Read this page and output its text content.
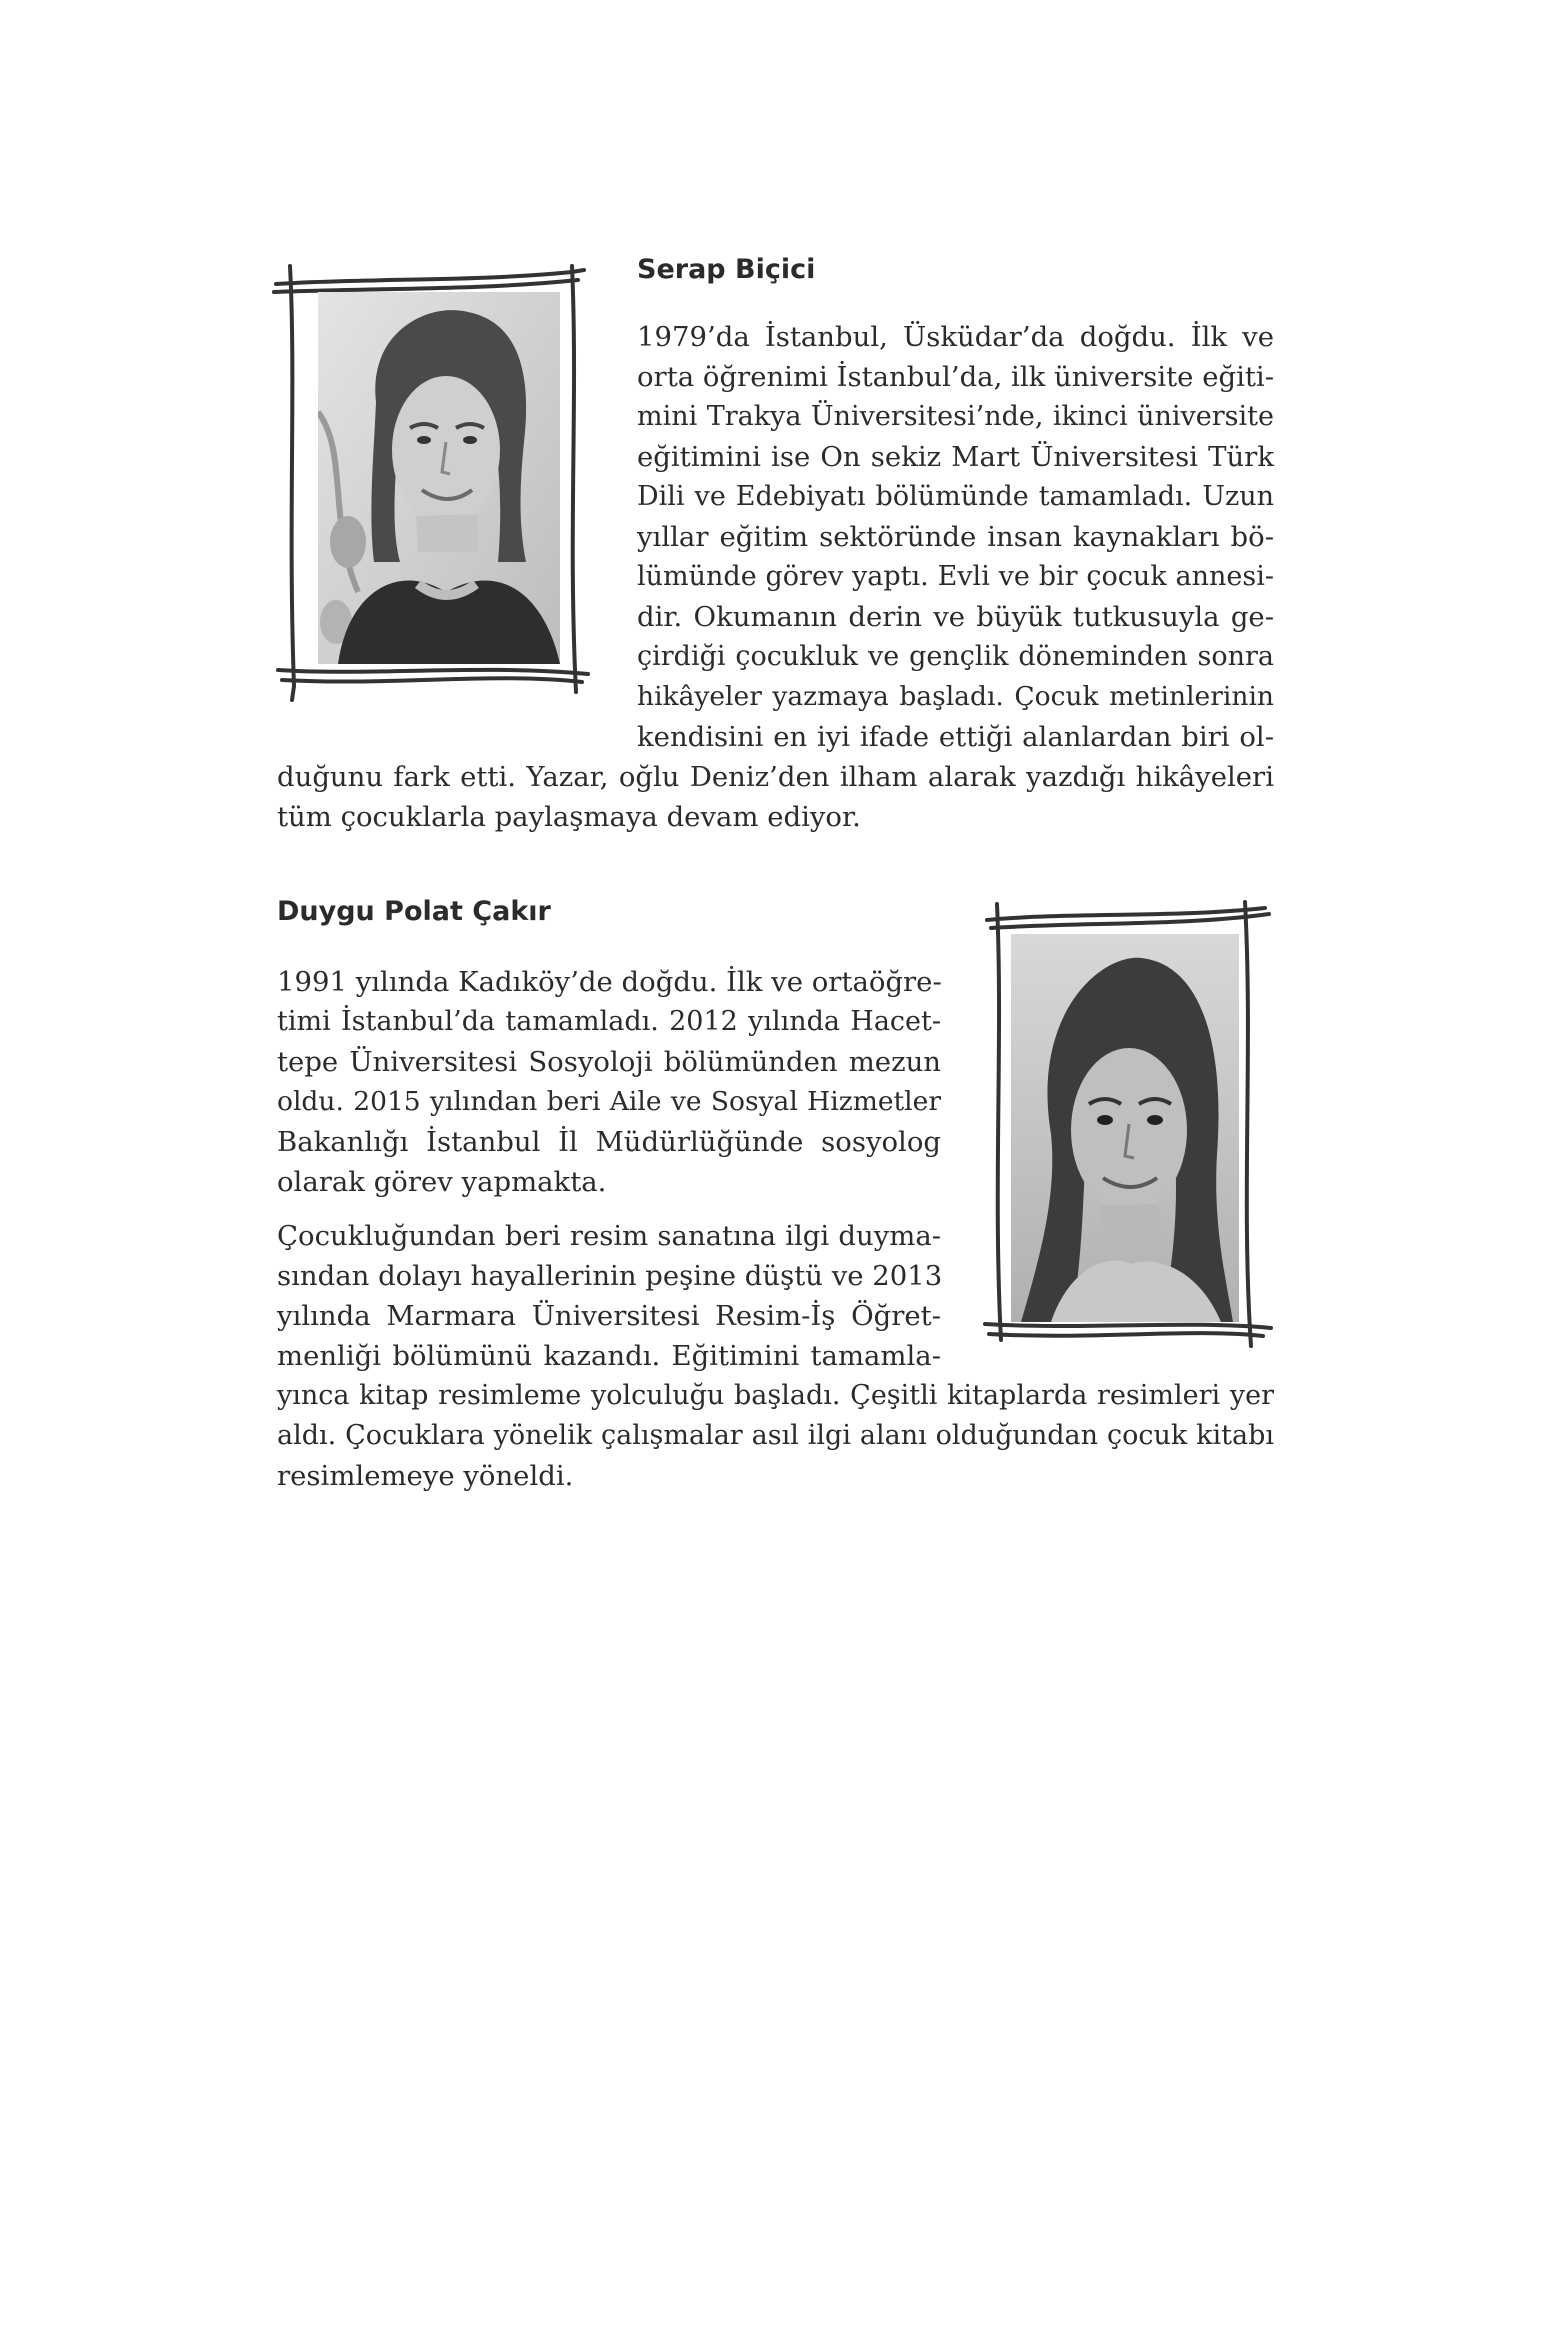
Serap Biçici
1979’da İstanbul, Üsküdar’da doğdu. İlk ve
orta öğrenimi İstanbul’da, ilk üniversite eğiti-
mini Trakya Üniversitesi’nde, ikinci üniversite
eğitimini ise On sekiz Mart Üniversitesi Türk
Dili ve Edebiyatı bölümünde tamamladı. Uzun
yıllar eğitim sektöründe insan kaynakları bö-
lümünde görev yaptı. Evli ve bir çocuk annesi-
dir. Okumanın derin ve büyük tutkusuyla ge-
çirdiği çocukluk ve gençlik döneminden sonra
hikâyeler yazmaya başladı. Çocuk metinlerinin
kendisini en iyi ifade ettiği alanlardan biri ol-
duğunu fark etti. Yazar, oğlu Deniz’den ilham alarak yazdığı hikâyeleri
tüm çocuklarla paylaşmaya devam ediyor.
Duygu Polat Çakır
1991 yılında Kadıköy’de doğdu. İlk ve ortaöğre-
timi İstanbul’da tamamladı. 2012 yılında Hacet-
tepe Üniversitesi Sosyoloji bölümünden mezun
oldu. 2015 yılından beri Aile ve Sosyal Hizmetler
Bakanlığı İstanbul İl Müdürlüğünde sosyolog
olarak görev yapmakta.
Çocukluğundan beri resim sanatına ilgi duyma-
sından dolayı hayallerinin peşine düştü ve 2013
yılında Marmara Üniversitesi Resim-İş Öğret-
menliği bölümünü kazandı. Eğitimini tamamla-
yınca kitap resimleme yolculuğu başladı. Çeşitli kitaplarda resimleri yer
aldı. Çocuklara yönelik çalışmalar asıl ilgi alanı olduğundan çocuk kitabı
resimlemeye yöneldi.
